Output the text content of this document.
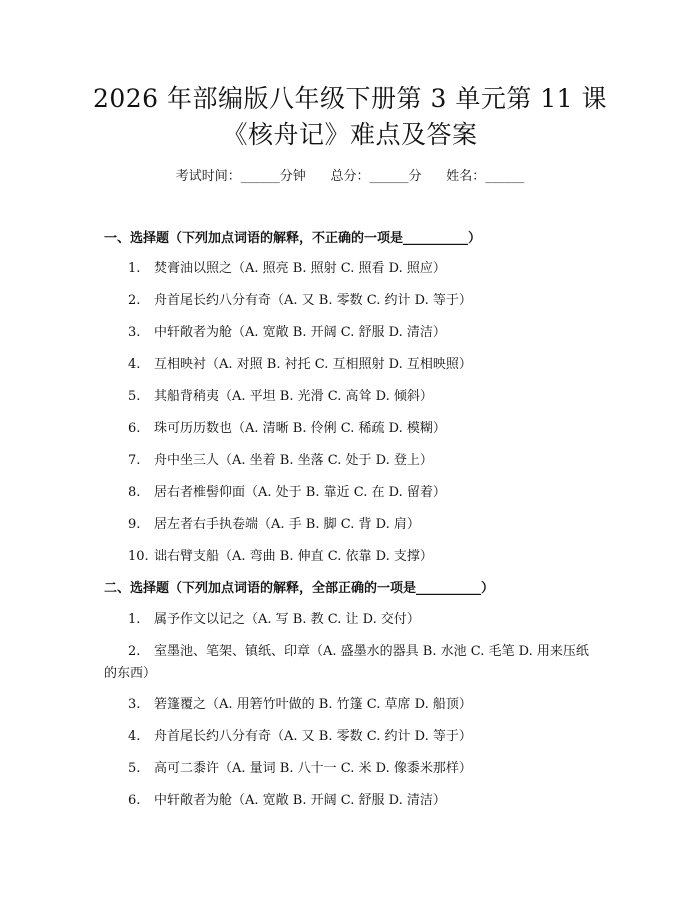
2026 年部编版八年级下册第 3 单元第 11 课
《核舟记》难点及答案
考试时间：______分钟      总分：______分      姓名：______
一、选择题（下列加点词语的解释，不正确的一项是__________）
1. 焚膏油以照之（A. 照亮 B. 照射 C. 照看 D. 照应）
2. 舟首尾长约八分有奇（A. 又 B. 零数 C. 约计 D. 等于）
3. 中轩敞者为舱（A. 宽敞 B. 开阔 C. 舒服 D. 清洁）
4. 互相映衬（A. 对照 B. 衬托 C. 互相照射 D. 互相映照）
5. 其船背稍夷（A. 平坦 B. 光滑 C. 高耸 D. 倾斜）
6. 珠可历历数也（A. 清晰 B. 伶俐 C. 稀疏 D. 模糊）
7. 舟中坐三人（A. 坐着 B. 坐落 C. 处于 D. 登上）
8. 居右者椎髻仰面（A. 处于 B. 靠近 C. 在 D. 留着）
9. 居左者右手执卷端（A. 手 B. 脚 C. 背 D. 肩）
10. 诎右臂支船（A. 弯曲 B. 伸直 C. 依靠 D. 支撑）
二、选择题（下列加点词语的解释，全部正确的一项是__________）
1. 属予作文以记之（A. 写 B. 教 C. 让 D. 交付）
2. 室墨池、笔架、镇纸、印章（A. 盛墨水的器具 B. 水池 C. 毛笔 D. 用来压纸的东西）
3. 箬篷覆之（A. 用箬竹叶做的 B. 竹篷 C. 草席 D. 船顶）
4. 舟首尾长约八分有奇（A. 又 B. 零数 C. 约计 D. 等于）
5. 高可二黍许（A. 量词 B. 八十一 C. 米 D. 像黍米那样）
6. 中轩敞者为舱（A. 宽敞 B. 开阔 C. 舒服 D. 清洁）
